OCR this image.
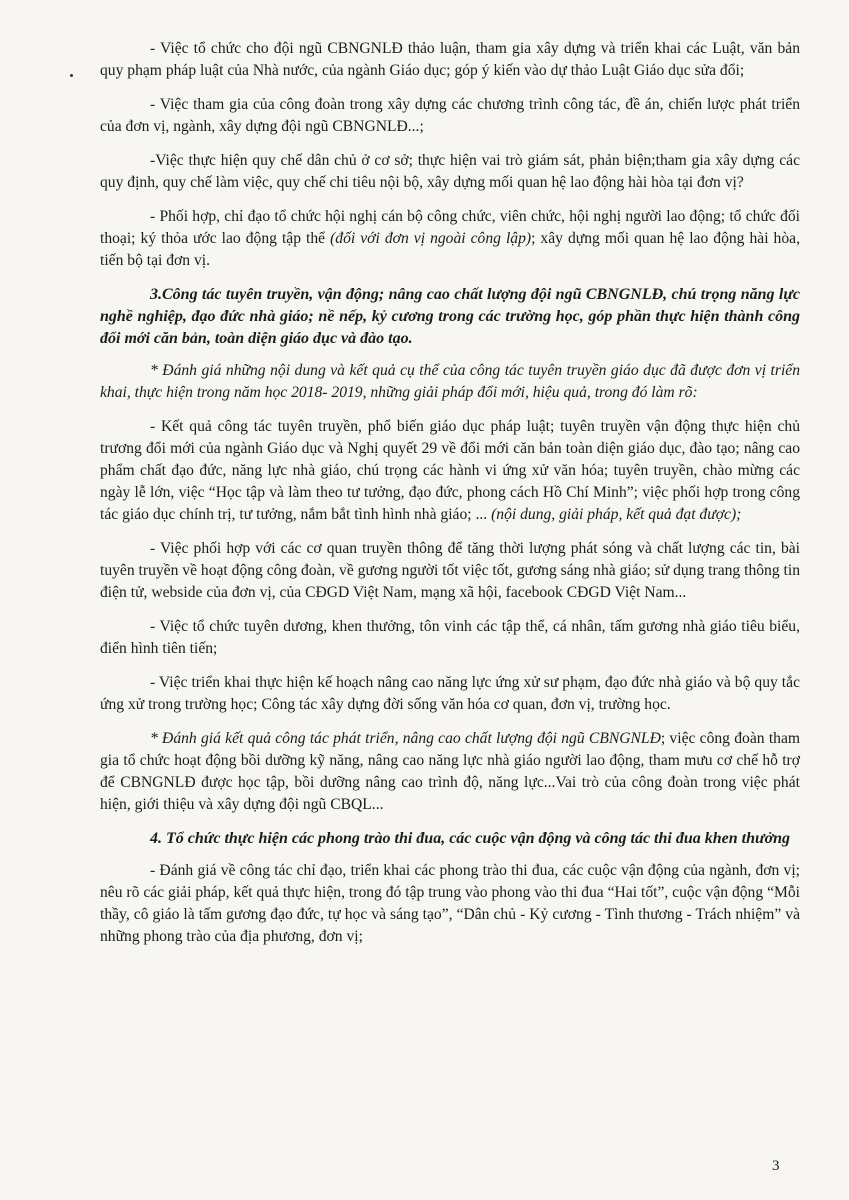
- Việc tổ chức cho đội ngũ CBNGNLĐ thảo luận, tham gia xây dựng và triển khai các Luật, văn bản quy phạm pháp luật của Nhà nước, của ngành Giáo dục; góp ý kiến vào dự thảo Luật Giáo dục sửa đổi;

- Việc tham gia của công đoàn trong xây dựng các chương trình công tác, đề án, chiến lược phát triển của đơn vị, ngành, xây dựng đội ngũ CBNGNLĐ...;

-Việc thực hiện quy chế dân chủ ở cơ sở; thực hiện vai trò giám sát, phản biện;tham gia xây dựng các quy định, quy chế làm việc, quy chế chi tiêu nội bộ, xây dựng mối quan hệ lao động hài hòa tại đơn vị?

- Phối hợp, chỉ đạo tổ chức hội nghị cán bộ công chức, viên chức, hội nghị người lao động; tổ chức đối thoại; ký thỏa ước lao động tập thể (đối với đơn vị ngoài công lập); xây dựng mối quan hệ lao động hài hòa, tiến bộ tại đơn vị.

3.Công tác tuyên truyền, vận động; nâng cao chất lượng đội ngũ CBNGNLĐ, chú trọng năng lực nghề nghiệp, đạo đức nhà giáo; nề nếp, kỷ cương trong các trường học, góp phần thực hiện thành công đổi mới căn bản, toàn diện giáo dục và đào tạo.

* Đánh giá những nội dung và kết quả cụ thể của công tác tuyên truyền giáo dục đã được đơn vị triển khai, thực hiện trong năm học 2018- 2019, những giải pháp đổi mới, hiệu quả, trong đó làm rõ:

- Kết quả công tác tuyên truyền, phổ biến giáo dục pháp luật; tuyên truyền vận động thực hiện chủ trương đổi mới của ngành Giáo dục và Nghị quyết 29 về đổi mới căn bản toàn diện giáo dục, đào tạo; nâng cao phẩm chất đạo đức, năng lực nhà giáo, chú trọng các hành vi ứng xử văn hóa; tuyên truyền, chào mừng các ngày lễ lớn, việc “Học tập và làm theo tư tưởng, đạo đức, phong cách Hồ Chí Minh”; việc phối hợp trong công tác giáo dục chính trị, tư tưởng, nắm bắt tình hình nhà giáo; ... (nội dung, giải pháp, kết quả đạt được);

- Việc phối hợp với các cơ quan truyền thông để tăng thời lượng phát sóng và chất lượng các tin, bài tuyên truyền về hoạt động công đoàn, về gương người tốt việc tốt, gương sáng nhà giáo; sử dụng trang thông tin điện tử, webside của đơn vị, của CĐGD Việt Nam, mạng xã hội, facebook CĐGD Việt Nam...

- Việc tổ chức tuyên dương, khen thưởng, tôn vinh các tập thể, cá nhân, tấm gương nhà giáo tiêu biểu, điển hình tiên tiến;

- Việc triển khai thực hiện kế hoạch nâng cao năng lực ứng xử sư phạm, đạo đức nhà giáo và bộ quy tắc ứng xử trong trường học; Công tác xây dựng đời sống văn hóa cơ quan, đơn vị, trường học.

* Đánh giá kết quả công tác phát triển, nâng cao chất lượng đội ngũ CBNGNLĐ; việc công đoàn tham gia tổ chức hoạt động bồi dưỡng kỹ năng, nâng cao năng lực nhà giáo người lao động, tham mưu cơ chế hỗ trợ để CBNGNLĐ được học tập, bồi dưỡng nâng cao trình độ, năng lực...Vai trò của công đoàn trong việc phát hiện, giới thiệu và xây dựng đội ngũ CBQL...

4. Tổ chức thực hiện các phong trào thi đua, các cuộc vận động và công tác thi đua khen thưởng

- Đánh giá về công tác chỉ đạo, triển khai các phong trào thi đua, các cuộc vận động của ngành, đơn vị; nêu rõ các giải pháp, kết quả thực hiện, trong đó tập trung vào phong vào thi đua “Hai tốt”, cuộc vận động “Mỗi thầy, cô giáo là tấm gương đạo đức, tự học và sáng tạo”, “Dân chủ - Kỷ cương - Tình thương - Trách nhiệm” và những phong trào của địa phương, đơn vị;

3
